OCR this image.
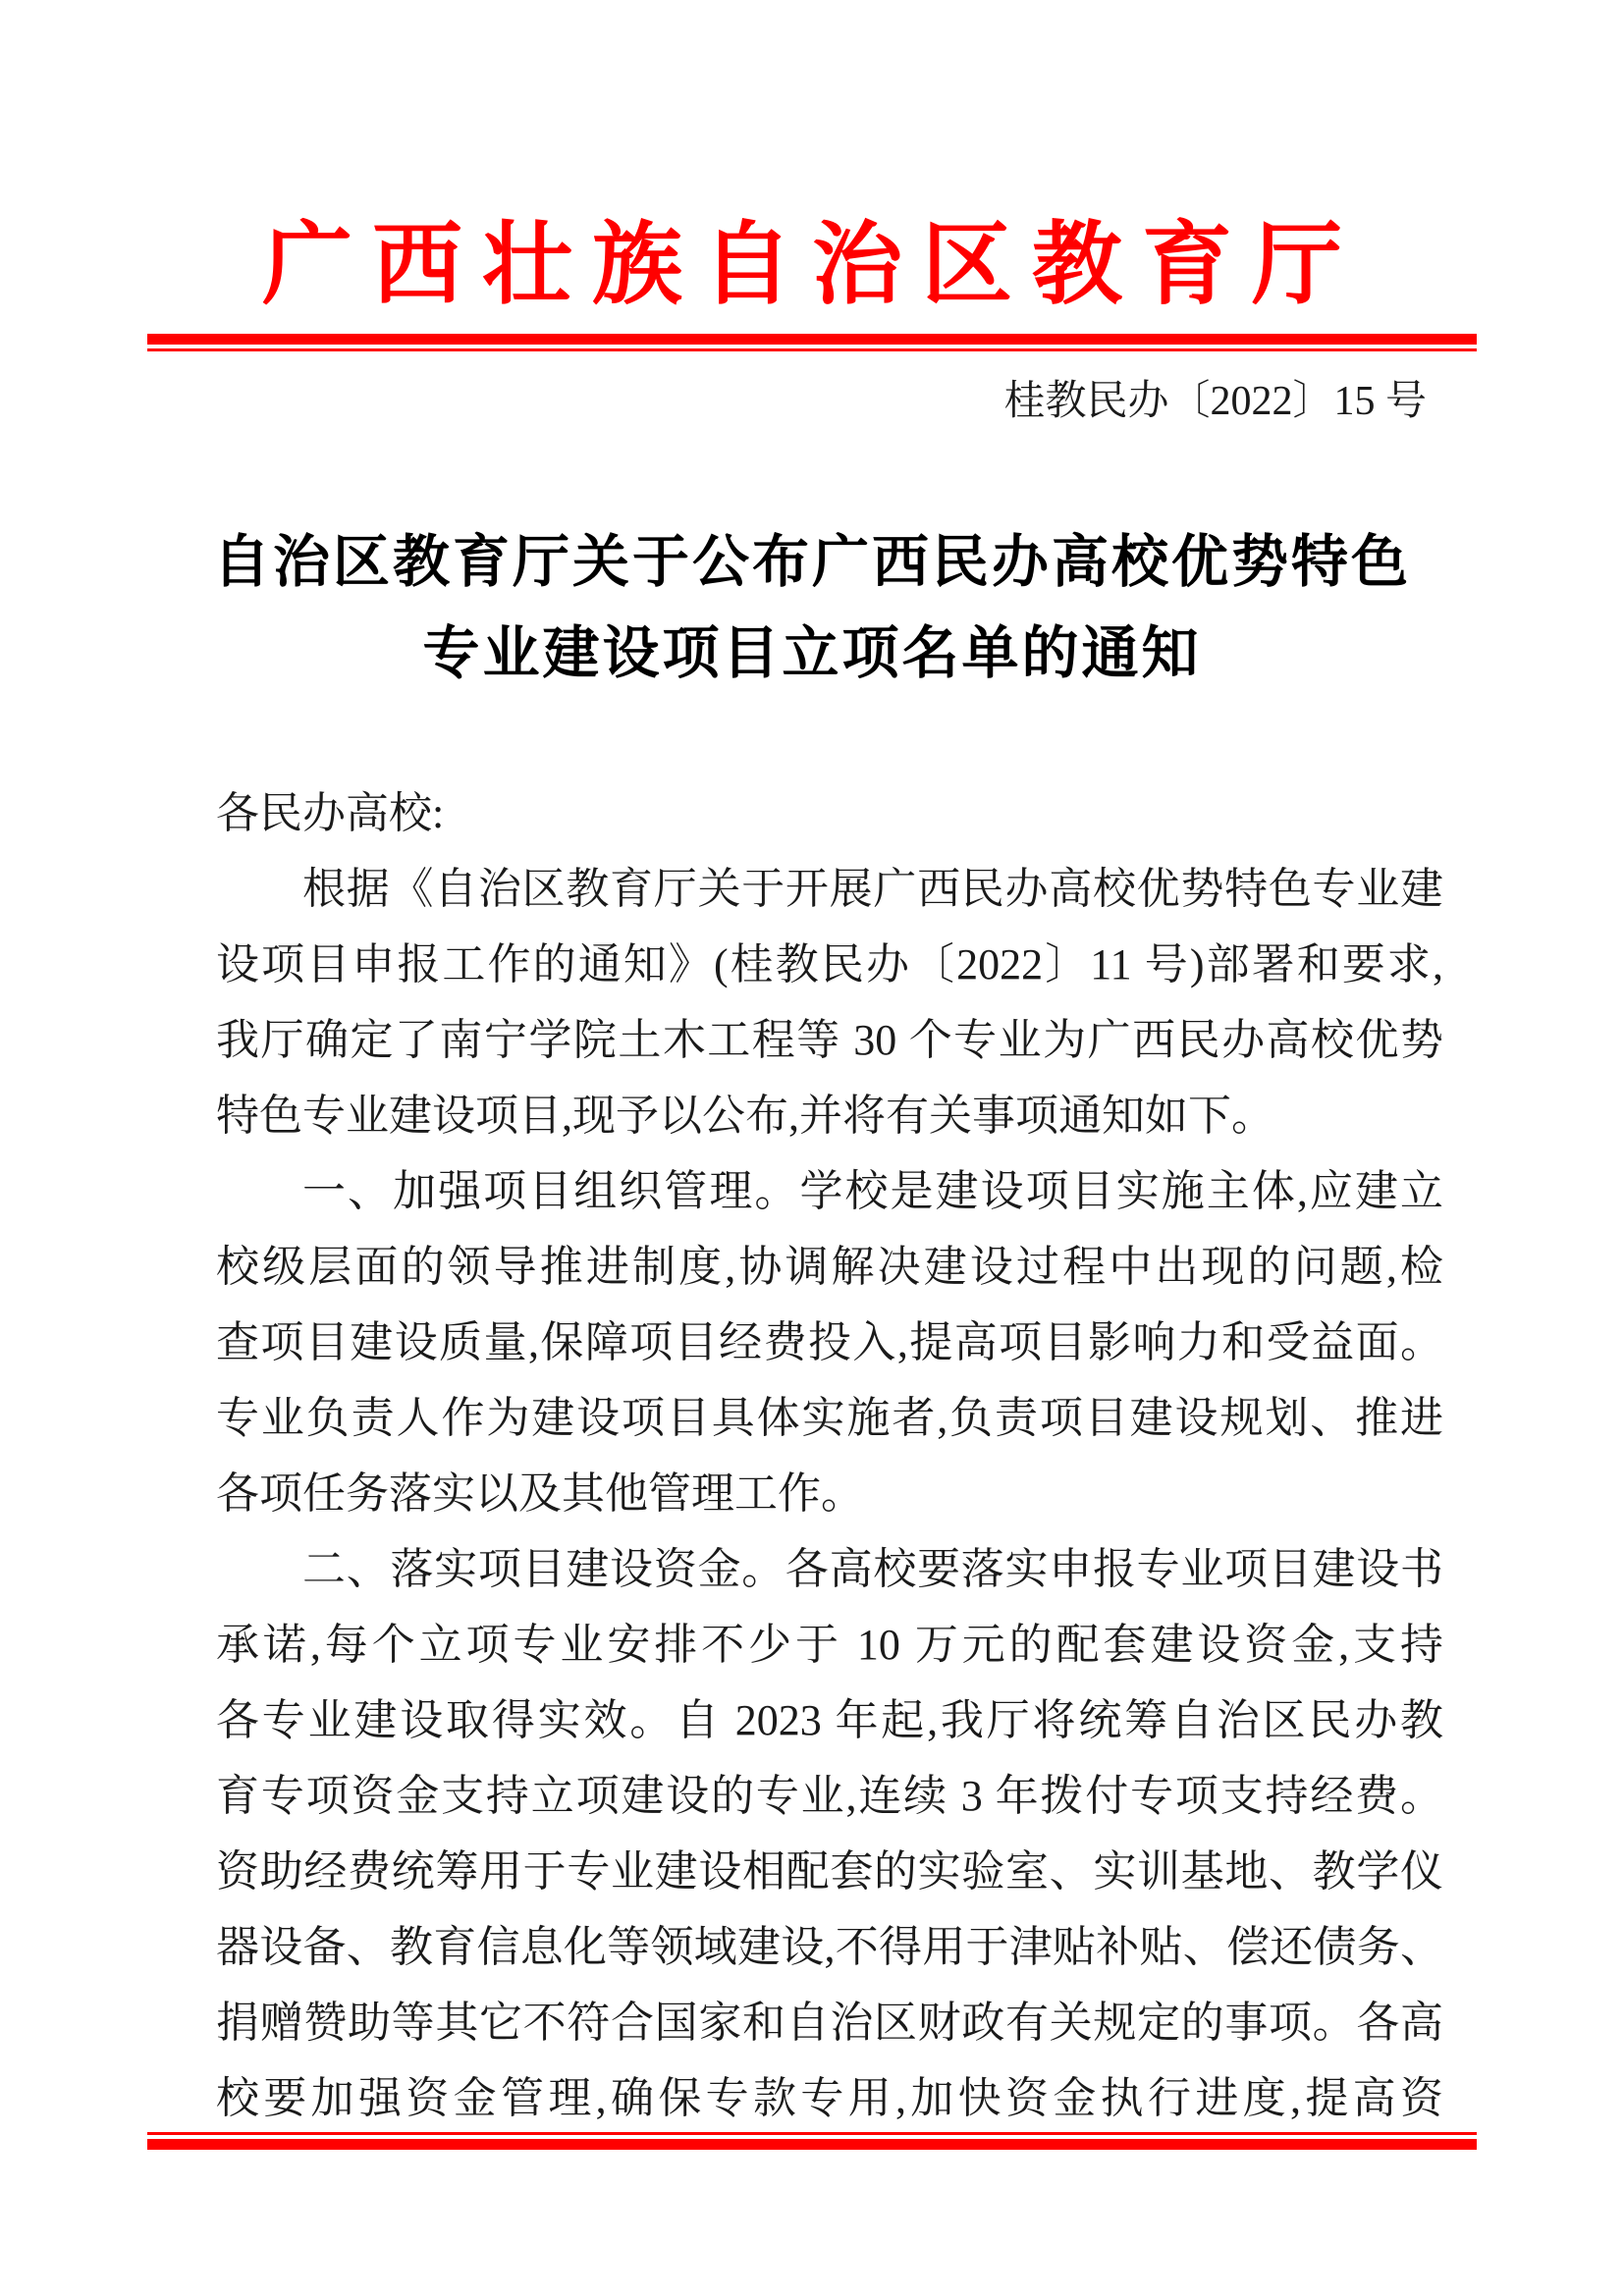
广西壮族自治区教育厅
桂教民办〔2022〕15 号
自治区教育厅关于公布广西民办高校优势特色
专业建设项目立项名单的通知
各民办高校:
根据《自治区教育厅关于开展广西民办高校优势特色专业建
设项目申报工作的通知》(桂教民办〔2022〕11 号)部署和要求,
我厅确定了南宁学院土木工程等 30 个专业为广西民办高校优势
特色专业建设项目,现予以公布,并将有关事项通知如下。
一、加强项目组织管理。学校是建设项目实施主体,应建立
校级层面的领导推进制度,协调解决建设过程中出现的问题,检
查项目建设质量,保障项目经费投入,提高项目影响力和受益面。
专业负责人作为建设项目具体实施者,负责项目建设规划、推进
各项任务落实以及其他管理工作。
二、落实项目建设资金。各高校要落实申报专业项目建设书
承诺,每个立项专业安排不少于 10 万元的配套建设资金,支持
各专业建设取得实效。自 2023 年起,我厅将统筹自治区民办教
育专项资金支持立项建设的专业,连续 3 年拨付专项支持经费。
资助经费统筹用于专业建设相配套的实验室、实训基地、教学仪
器设备、教育信息化等领域建设,不得用于津贴补贴、偿还债务、
捐赠赞助等其它不符合国家和自治区财政有关规定的事项。各高
校要加强资金管理,确保专款专用,加快资金执行进度,提高资
